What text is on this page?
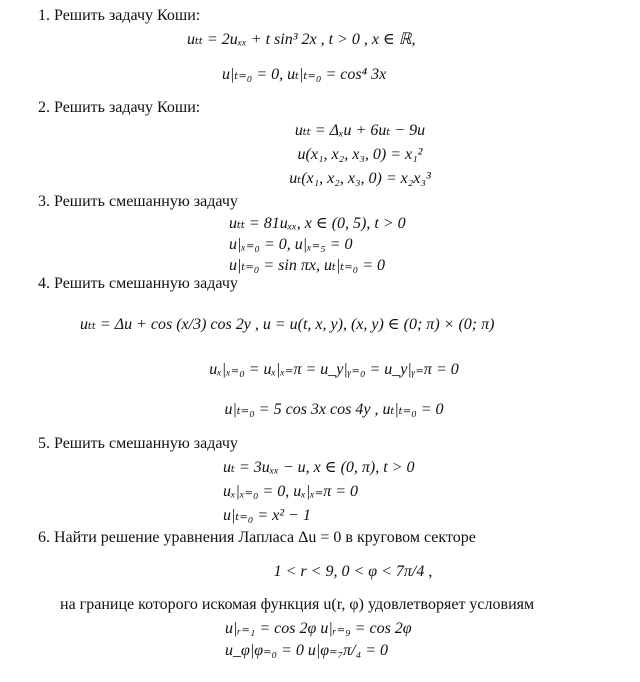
1. Решить задачу Коши:
uₜₜ = 2uₓₓ + t sin³ 2x , t > 0 , x ∈ ℝ,
u|ₜ₌₀ = 0, uₜ|ₜ₌₀ = cos⁴ 3x
2. Решить задачу Коши:
uₜₜ = Δₓu + 6uₜ − 9u
u(x₁, x₂, x₃, 0) = x₁²
uₜ(x₁, x₂, x₃, 0) = x₂x₃³
3. Решить смешанную задачу
uₜₜ = 81uₓₓ, x ∈ (0, 5), t > 0
u|ₓ₌₀ = 0, u|ₓ₌₅ = 0
u|ₜ₌₀ = sin πx, uₜ|ₜ₌₀ = 0
4. Решить смешанную задачу
uₜₜ = Δu + cos (x/3) cos 2y , u = u(t, x, y), (x, y) ∈ (0; π) × (0; π)
uₓ|ₓ₌₀ = uₓ|ₓ₌π = u_y|ᵧ₌₀ = u_y|ᵧ₌π = 0
u|ₜ₌₀ = 5 cos 3x cos 4y , uₜ|ₜ₌₀ = 0
5. Решить смешанную задачу
uₜ = 3uₓₓ − u, x ∈ (0, π), t > 0
uₓ|ₓ₌₀ = 0, uₓ|ₓ₌π = 0
u|ₜ₌₀ = x² − 1
6. Найти решение уравнения Лапласа Δu = 0 в круговом секторе
1 < r < 9, 0 < φ < 7π/4 ,
на границе которого искомая функция u(r, φ) удовлетворяет условиям
u|ᵣ₌₁ = cos 2φ u|ᵣ₌₉ = cos 2φ
u_φ|φ₌₀ = 0 u|φ₌₇π/₄ = 0
